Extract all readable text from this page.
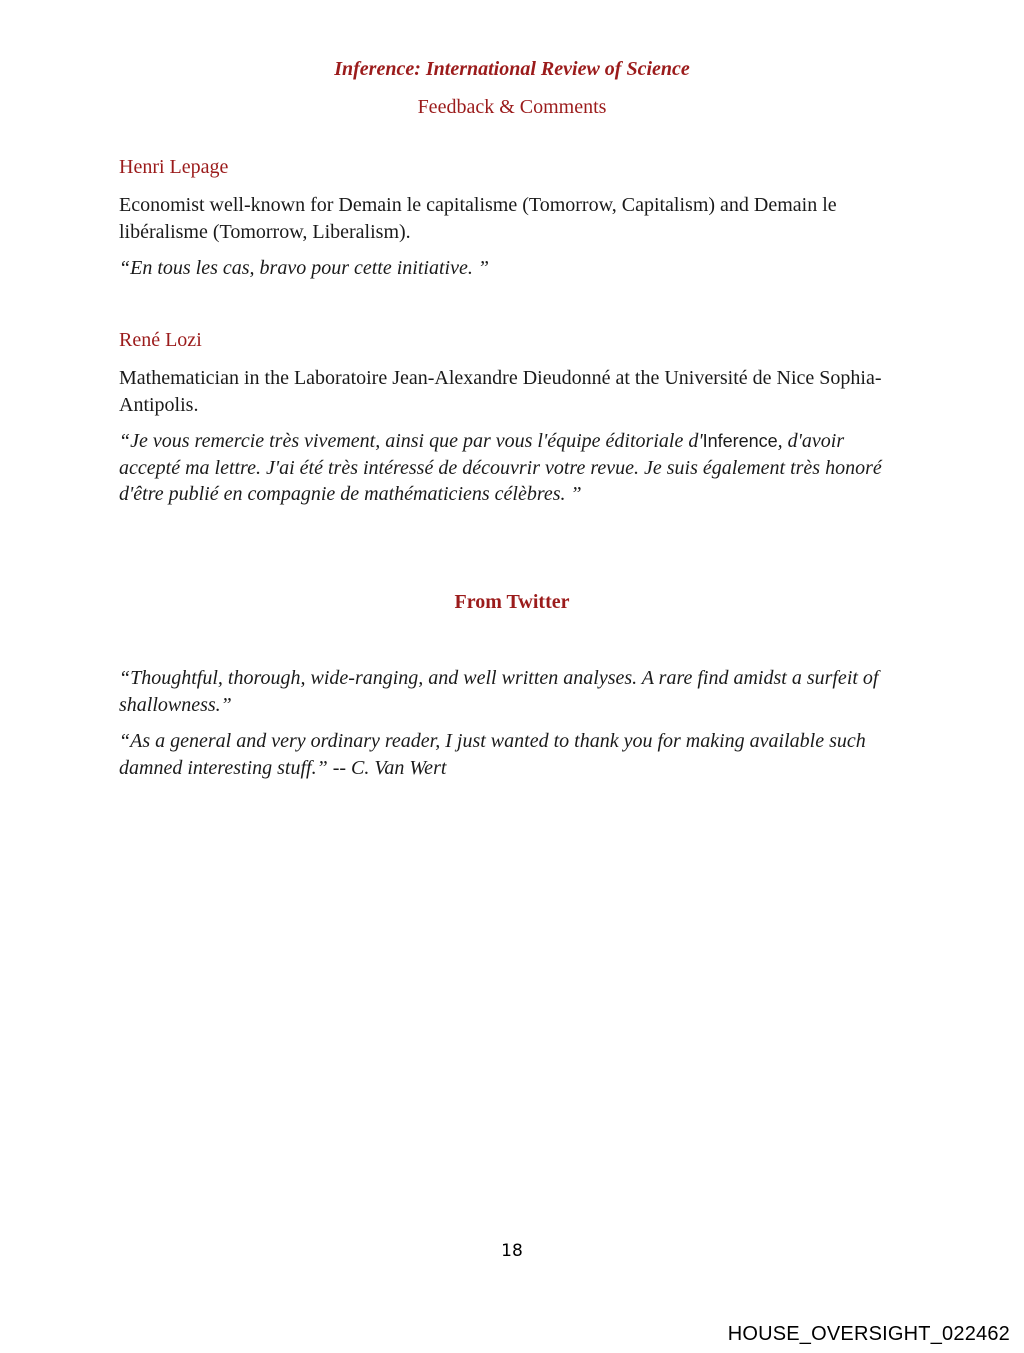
Inference: International Review of Science
Feedback & Comments
Henri Lepage
Economist well-known for Demain le capitalisme (Tomorrow, Capitalism) and Demain le libéralisme (Tomorrow, Liberalism).
“En tous les cas, bravo pour cette initiative. ”
René Lozi
Mathematician in the Laboratoire Jean-Alexandre Dieudonné at the Université de Nice Sophia-Antipolis.
“Je vous remercie très vivement, ainsi que par vous l'équipe éditoriale d'Inference, d'avoir accepté ma lettre. J'ai été très intéressé de découvrir votre revue. Je suis également très honoré d'être publié en compagnie de mathématiciens célèbres. ”
From Twitter
“Thoughtful, thorough, wide-ranging, and well written analyses. A rare find amidst a surfeit of shallowness.”
“As a general and very ordinary reader, I just wanted to thank you for making available such damned interesting stuff.” -- C. Van Wert
18
HOUSE_OVERSIGHT_022462
